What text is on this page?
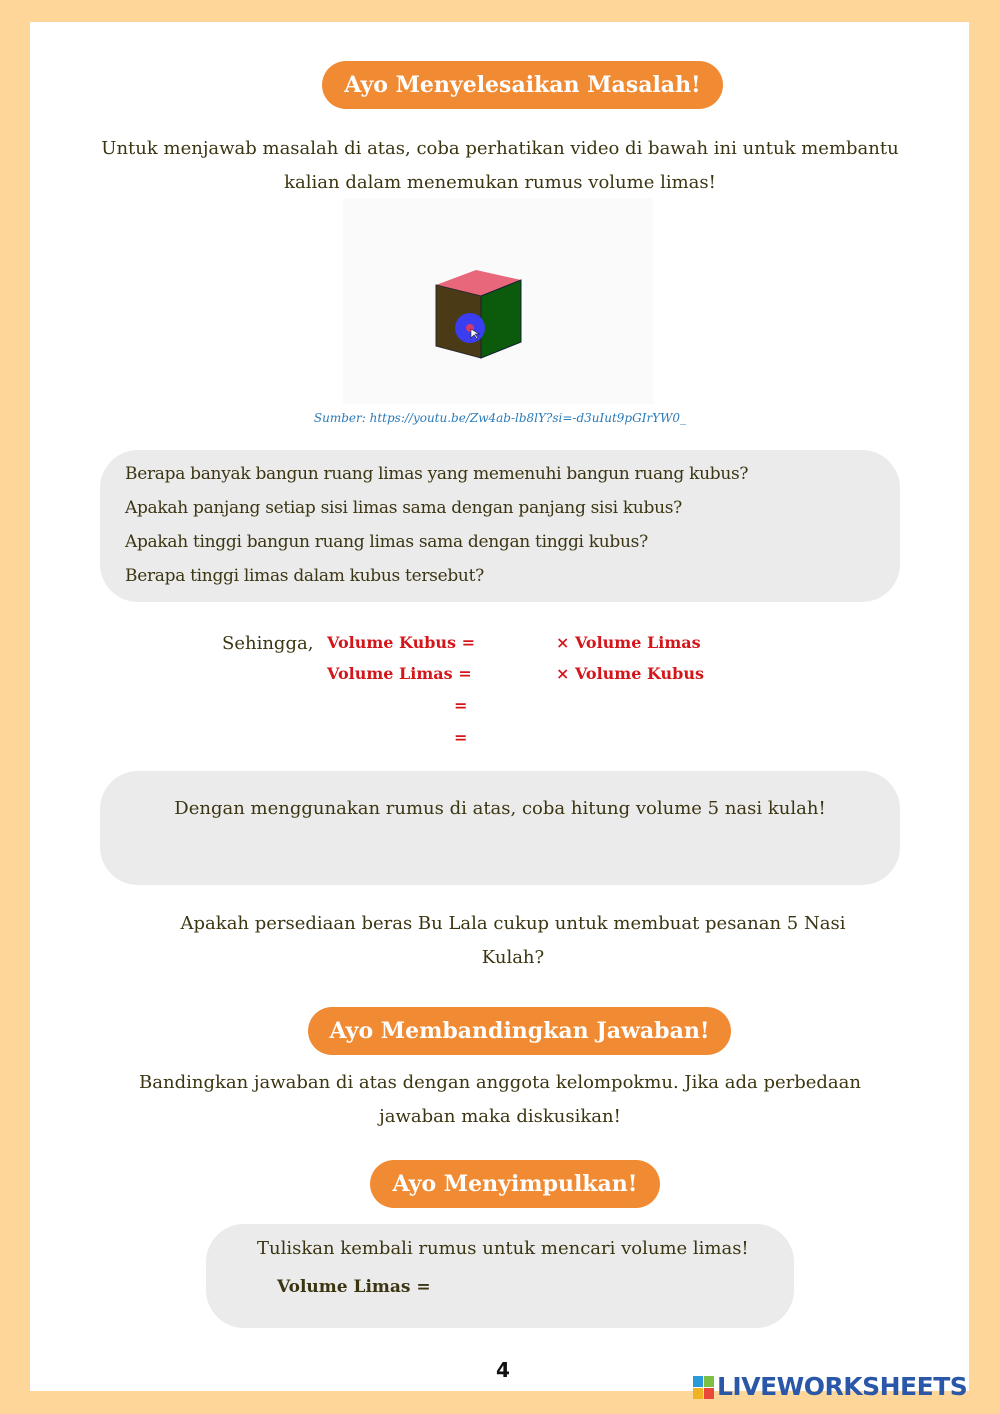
Ayo Menyelesaikan Masalah!
Untuk menjawab masalah di atas, coba perhatikan video di bawah ini untuk membantu kalian dalam menemukan rumus volume limas!
Sumber: https://youtu.be/Zw4ab-lb8lY?si=-d3uIut9pGIrYW0_
Berapa banyak bangun ruang limas yang memenuhi bangun ruang kubus?
Apakah panjang setiap sisi limas sama dengan panjang sisi kubus?
Apakah tinggi bangun ruang limas sama dengan tinggi kubus?
Berapa tinggi limas dalam kubus tersebut?
Sehingga, Volume Kubus =	× Volume Limas
Volume Limas =	× Volume Kubus
=
=
Dengan menggunakan rumus di atas, coba hitung volume 5 nasi kulah!
Apakah persediaan beras Bu Lala cukup untuk membuat pesanan 5 Nasi Kulah?
Ayo Membandingkan Jawaban!
Bandingkan jawaban di atas dengan anggota kelompokmu. Jika ada perbedaan jawaban maka diskusikan!
Ayo Menyimpulkan!
Tuliskan kembali rumus untuk mencari volume limas!
Volume Limas =
4
LIVEWORKSHEETS
